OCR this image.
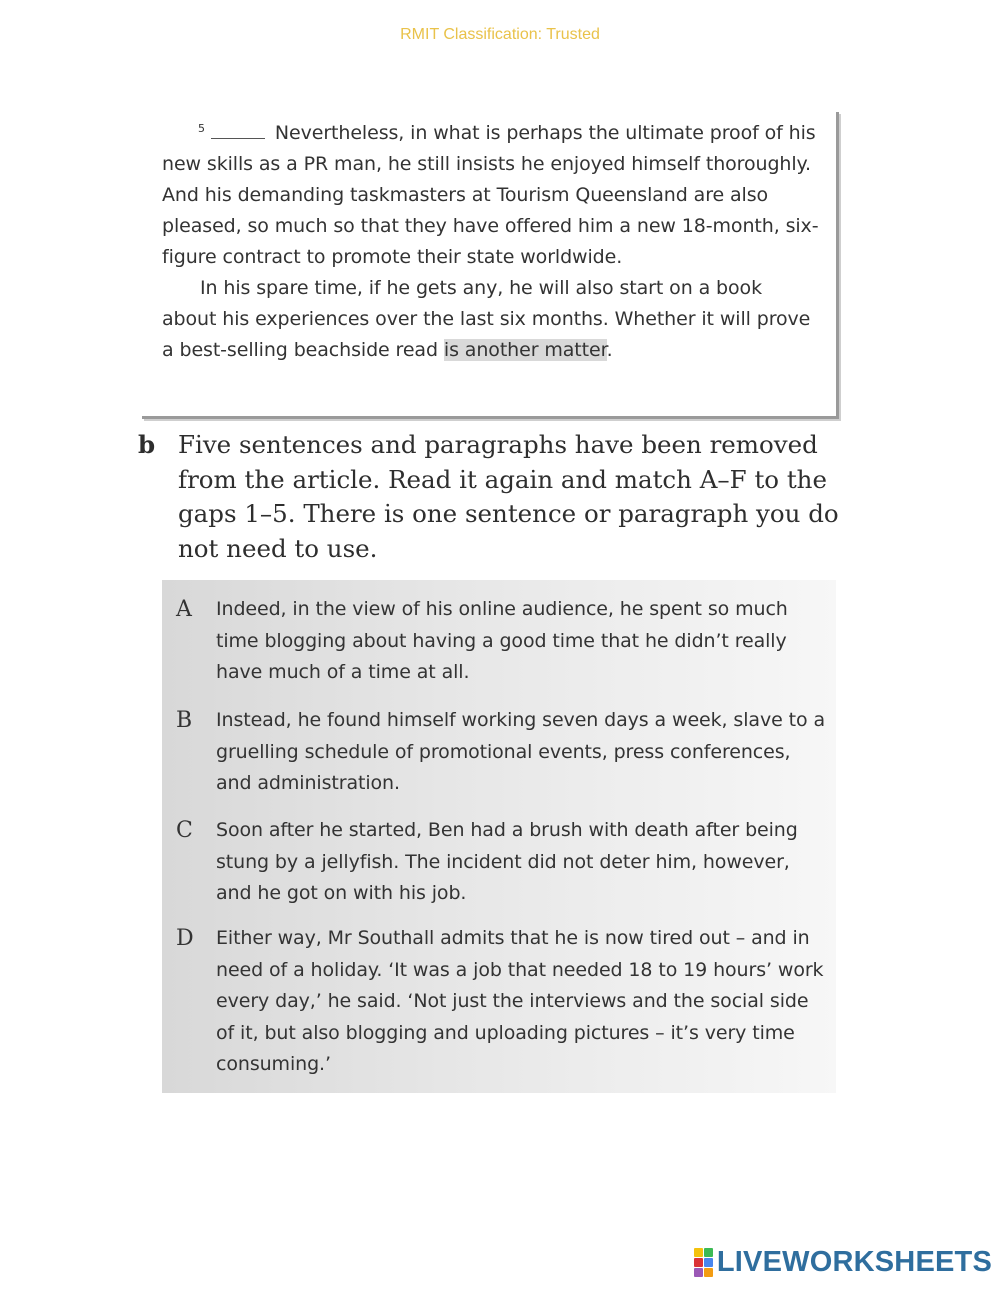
RMIT Classification: Trusted

$^5$	Nevertheless, in what is perhaps the ultimate proof of his new skills as a PR man, he still insists he enjoyed himself thoroughly. And his demanding taskmasters at Tourism Queensland are also pleased, so much so that they have offered him a new 18-month, six-figure contract to promote their state worldwide.

In his spare time, if he gets any, he will also start on a book about his experiences over the last six months. Whether it will prove a best-selling beachside read is another matter.

b Five sentences and paragraphs have been removed from the article. Read it again and match A–F to the gaps 1–5. There is one sentence or paragraph you do not need to use.
A Indeed, in the view of his online audience, he spent so much time blogging about having a good time that he didn’t really have much of a time at all.
B Instead, he found himself working seven days a week, slave to a gruelling schedule of promotional events, press conferences, and administration.
C Soon after he started, Ben had a brush with death after being stung by a jellyfish. The incident did not deter him, however, and he got on with his job.
D Either way, Mr Southall admits that he is now tired out – and in need of a holiday. ‘It was a job that needed 18 to 19 hours’ work every day,’ he said. ‘Not just the interviews and the social side of it, but also blogging and uploading pictures – it’s very time consuming.’
LIVEWORKSHEETS
